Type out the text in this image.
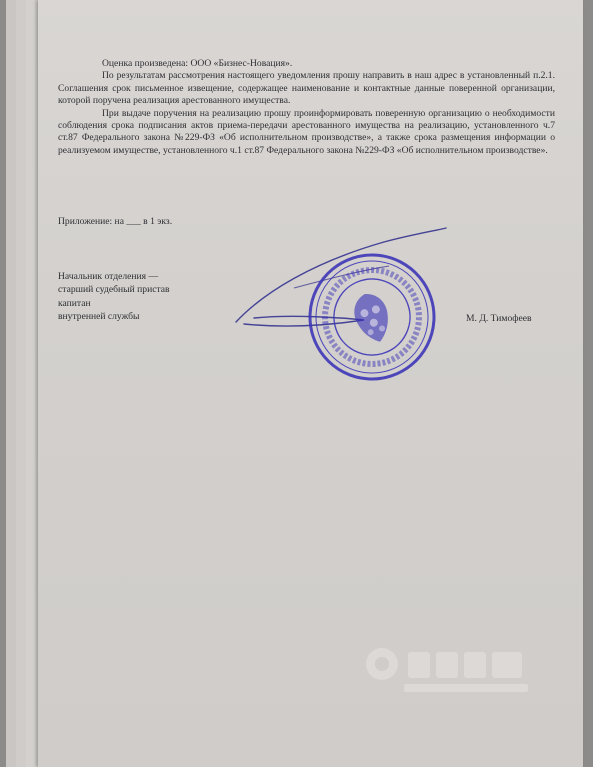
Оценка произведена: ООО «Бизнес-Новация».

По результатам рассмотрения настоящего уведомления прошу направить в наш адрес в установленный п.2.1. Соглашения срок письменное извещение, содержащее наименование и контактные данные поверенной организации, которой поручена реализация арестованного имущества.

При выдаче поручения на реализацию прошу проинформировать поверенную организацию о необходимости соблюдения срока подписания актов приема-передачи арестованного имущества на реализацию, установленного ч.7 ст.87 Федерального закона №229-ФЗ «Об исполнительном производстве», а также срока размещения информации о реализуемом имуществе, установленного ч.1 ст.87 Федерального закона №229-ФЗ «Об исполнительном производстве».

Приложение: на ___ в 1 экз.
Начальник отделения —
старший судебный пристав
капитан
внутренней службы	М. Д. Тимофеев
